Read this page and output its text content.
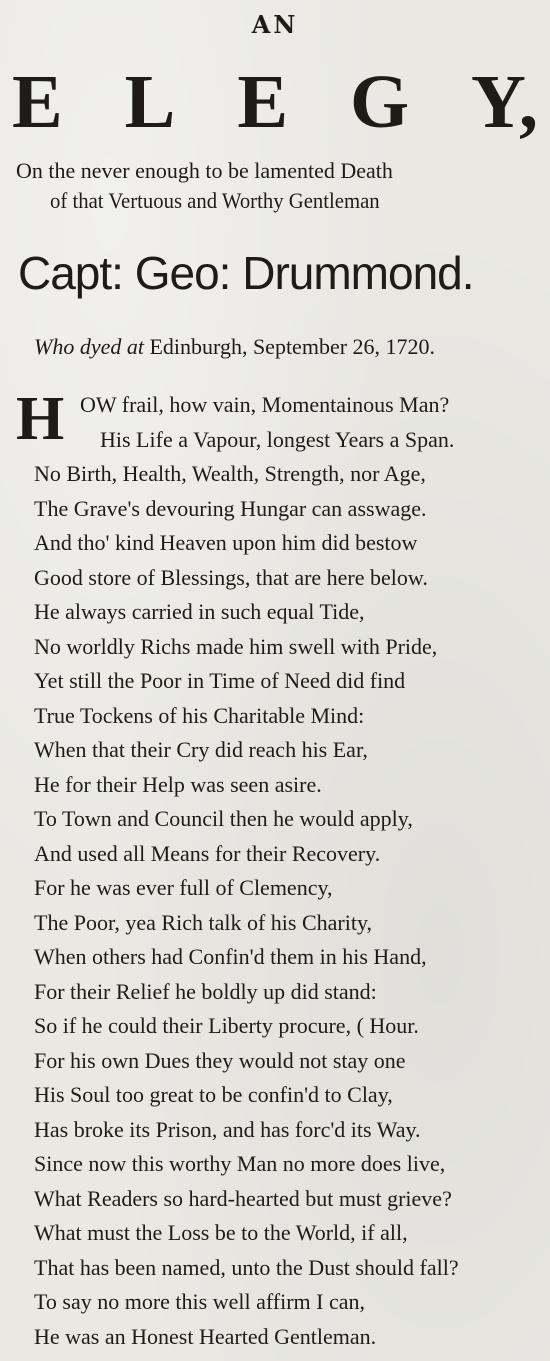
AN
E L E G Y,
On the never enough to be lamented Death
of that Vertuous and Worthy Gentleman
Capt: Geo: Drummond.
Who dyed at Edinburgh, September 26, 1720.
H OW frail, how vain, Momentainous Man?
His Life a Vapour, longest Years a Span.
No Birth, Health, Wealth, Strength, nor Age,
The Grave's devouring Hungar can asswage.
And tho' kind Heaven upon him did bestow
Good store of Blessings, that are here below.
He always carried in such equal Tide,
No worldly Richs made him swell with Pride,
Yet still the Poor in Time of Need did find
True Tockens of his Charitable Mind:
When that their Cry did reach his Ear,
He for their Help was seen asire.
To Town and Council then he would apply,
And used all Means for their Recovery.
For he was ever full of Clemency,
The Poor, yea Rich talk of his Charity,
When others had Confin'd them in his Hand,
For their Relief he boldly up did stand:
So if he could their Liberty procure, ( Hour.
For his own Dues they would not stay one
His Soul too great to be confin'd to Clay,
Has broke its Prison, and has forc'd its Way.
Since now this worthy Man no more does live,
What Readers so hard-hearted but must grieve?
What must the Loss be to the World, if all,
That has been named, unto the Dust should fall?
To say no more this well affirm I can,
He was an Honest Hearted Gentleman.
